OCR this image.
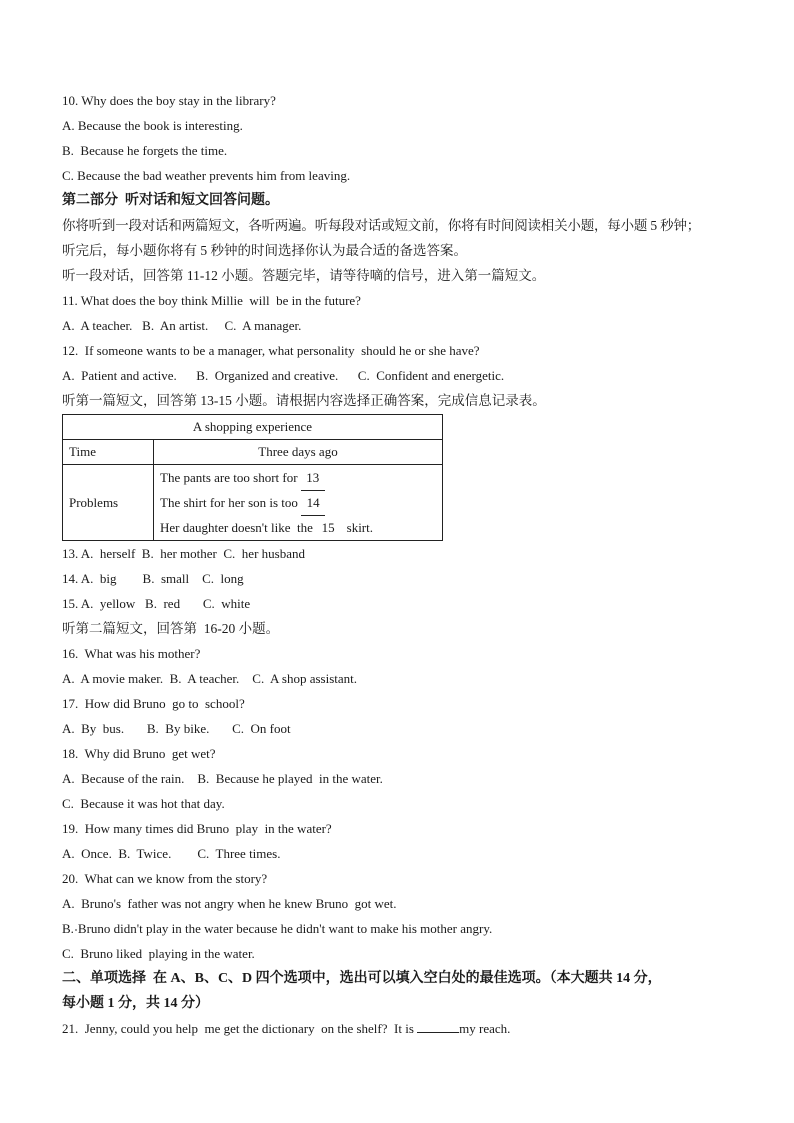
10. Why does the boy stay in the library?
A. Because the book is interesting.
B.  Because he forgets the time.
C. Because the bad weather prevents him from leaving.
第二部分  听对话和短文回答问题。
你将听到一段对话和两篇短文，各听两遍。听每段对话或短文前，你将有时间阅读相关小题，每小题 5 秒钟；
听完后，每小题你将有 5 秒钟的时间选择你认为最合适的备选答案。
听一段对话，回答第 11-12 小题。答题完毕，请等待嘀的信号，进入第一篇短文。
11. What does the boy think Millie  will  be in the future?
A.  A teacher.   B.  An artist.     C.  A manager.
12.  If someone wants to be a manager, what personality  should he or she have?
A.  Patient and active.      B.  Organized and creative.      C.  Confident and energetic.
听第一篇短文，回答第 13-15 小题。请根据内容选择正确答案，完成信息记录表。
A shopping experience	
Time	Three days ago
Problems	The pants are too short for 13
The shirt for her son is too 14
Her daughter doesn't like  the 15  skirt.
13. A.  herself  B.  her mother  C.  her husband
14. A.  big        B.  small    C.  long
15. A.  yellow   B.  red       C.  white
听第二篇短文，回答第  16-20 小题。
16.  What was his mother?
A.  A movie maker.  B.  A teacher.    C.  A shop assistant.
17.  How did Bruno  go to  school?
A.  By  bus.       B.  By bike.       C.  On foot
18.  Why did Bruno  get wet?
A.  Because of the rain.    B.  Because he played  in the water.
C.  Because it was hot that day.
19.  How many times did Bruno  play  in the water?
A.  Once.  B.  Twice.        C.  Three times.
20.  What can we know from the story?
A.  Bruno's  father was not angry when he knew Bruno  got wet.
B. Bruno didn't play in the water because he didn't want to make his mother angry.
C.  Bruno liked  playing in the water.
二、单项选择  在 A、B、C、D 四个选项中，选出可以填入空白处的最佳选项。（本大题共 14 分，
每小题 1 分，共 14 分）
21.  Jenny, could you help  me get the dictionary  on the shelf?  It is	my reach.
